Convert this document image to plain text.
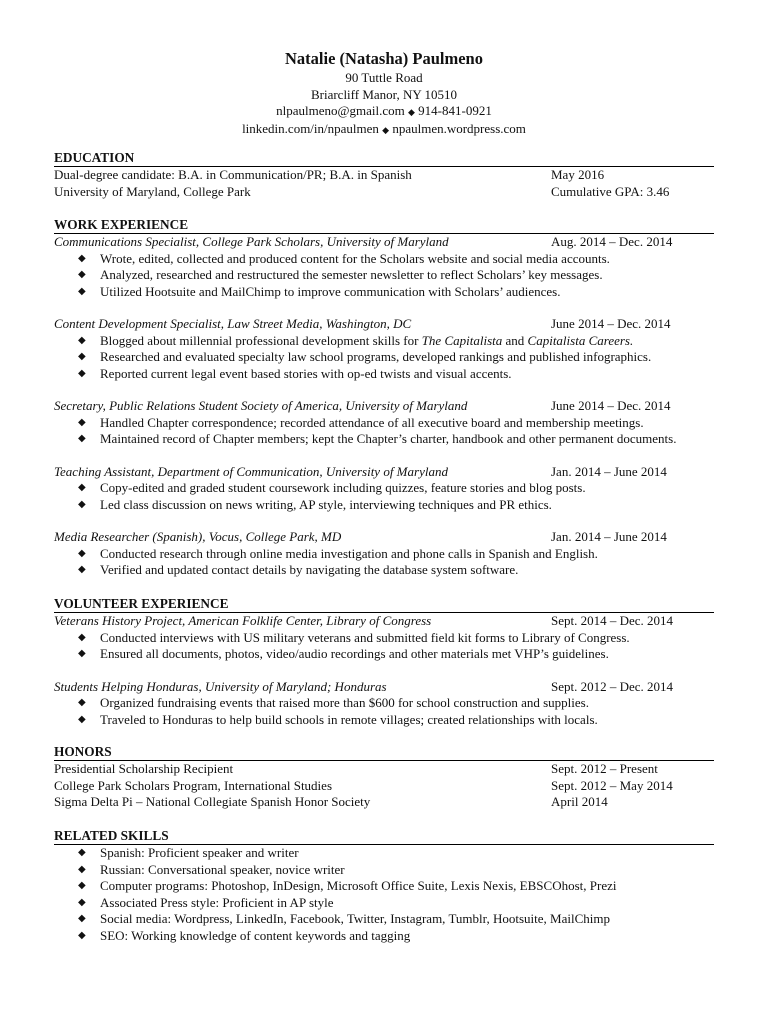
Natalie (Natasha) Paulmeno
90 Tuttle Road
Briarcliff Manor, NY 10510
nlpaulmeno@gmail.com ◆ 914-841-0921
linkedin.com/in/npaulmen ◆ npaulmen.wordpress.com
EDUCATION
Dual-degree candidate: B.A. in Communication/PR; B.A. in Spanish	May 2016
University of Maryland, College Park	Cumulative GPA: 3.46
WORK EXPERIENCE
Communications Specialist, College Park Scholars, University of Maryland	Aug. 2014 – Dec. 2014
◆ Wrote, edited, collected and produced content for the Scholars website and social media accounts.
◆ Analyzed, researched and restructured the semester newsletter to reflect Scholars’ key messages.
◆ Utilized Hootsuite and MailChimp to improve communication with Scholars’ audiences.
Content Development Specialist, Law Street Media, Washington, DC	June 2014 – Dec. 2014
◆ Blogged about millennial professional development skills for The Capitalista and Capitalista Careers.
◆ Researched and evaluated specialty law school programs, developed rankings and published infographics.
◆ Reported current legal event based stories with op-ed twists and visual accents.
Secretary, Public Relations Student Society of America, University of Maryland	June 2014 – Dec. 2014
◆ Handled Chapter correspondence; recorded attendance of all executive board and membership meetings.
◆ Maintained record of Chapter members; kept the Chapter’s charter, handbook and other permanent documents.
Teaching Assistant, Department of Communication, University of Maryland	Jan. 2014 – June 2014
◆ Copy-edited and graded student coursework including quizzes, feature stories and blog posts.
◆ Led class discussion on news writing, AP style, interviewing techniques and PR ethics.
Media Researcher (Spanish), Vocus, College Park, MD	Jan. 2014 – June 2014
◆ Conducted research through online media investigation and phone calls in Spanish and English.
◆ Verified and updated contact details by navigating the database system software.
VOLUNTEER EXPERIENCE
Veterans History Project, American Folklife Center, Library of Congress	Sept. 2014 – Dec. 2014
◆ Conducted interviews with US military veterans and submitted field kit forms to Library of Congress.
◆ Ensured all documents, photos, video/audio recordings and other materials met VHP’s guidelines.
Students Helping Honduras, University of Maryland; Honduras	Sept. 2012 – Dec. 2014
◆ Organized fundraising events that raised more than $600 for school construction and supplies.
◆ Traveled to Honduras to help build schools in remote villages; created relationships with locals.
HONORS
Presidential Scholarship Recipient	Sept. 2012 – Present
College Park Scholars Program, International Studies	Sept. 2012 – May 2014
Sigma Delta Pi – National Collegiate Spanish Honor Society	April 2014
RELATED SKILLS
◆ Spanish: Proficient speaker and writer
◆ Russian: Conversational speaker, novice writer
◆ Computer programs: Photoshop, InDesign, Microsoft Office Suite, Lexis Nexis, EBSCOhost, Prezi
◆ Associated Press style: Proficient in AP style
◆ Social media: Wordpress, LinkedIn, Facebook, Twitter, Instagram, Tumblr, Hootsuite, MailChimp
◆ SEO: Working knowledge of content keywords and tagging
